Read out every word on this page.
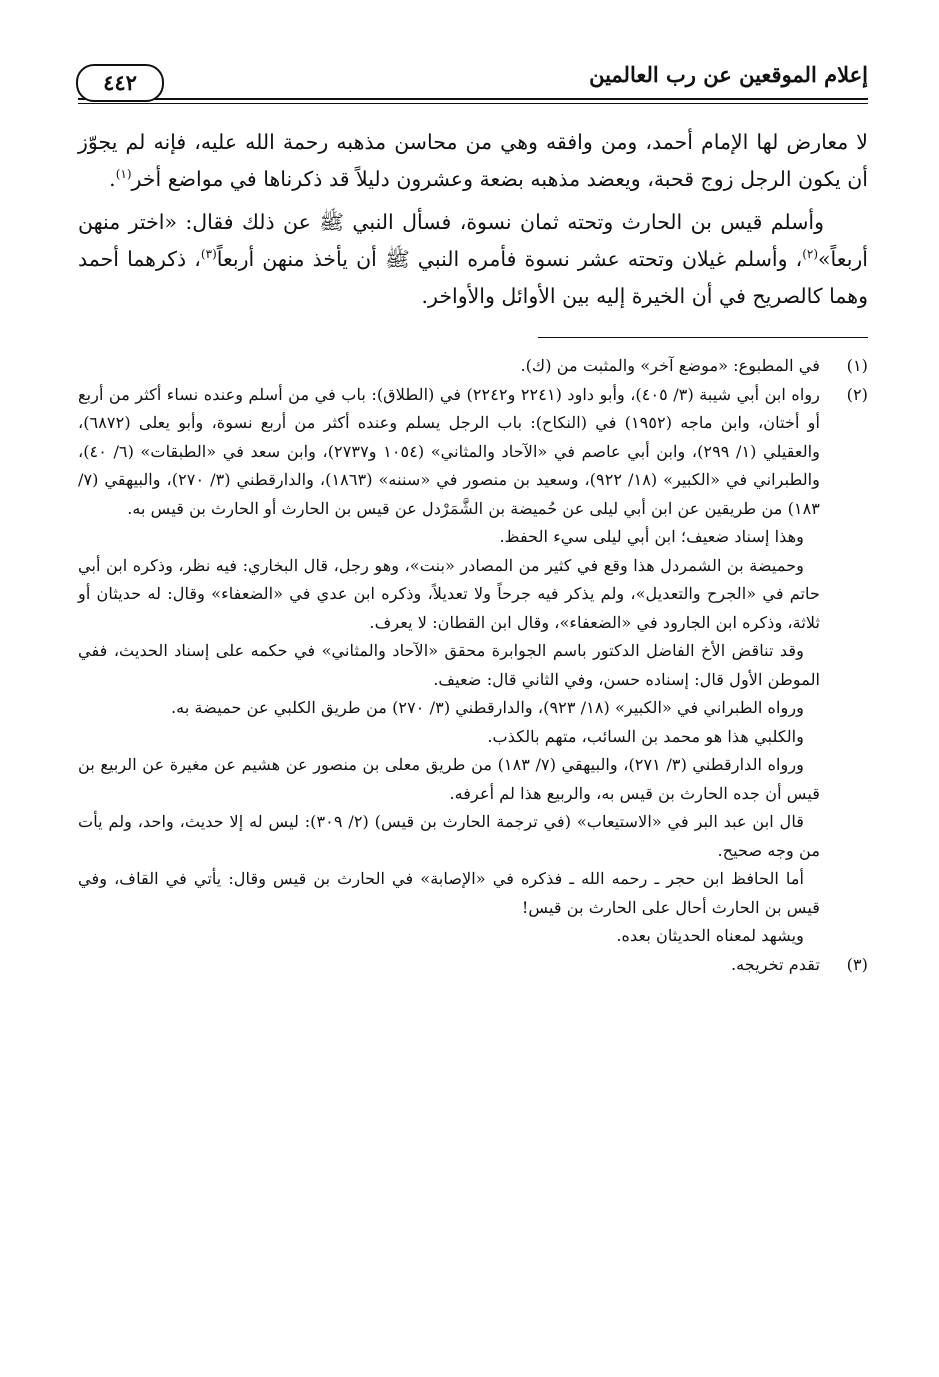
إعلام الموقعين عن رب العالمين
٤٤٢

لا معارض لها الإمام أحمد، ومن وافقه وهي من محاسن مذهبه رحمة الله عليه، فإنه لم يجوّز أن يكون الرجل زوج قحبة، ويعضد مذهبه بضعة وعشرون دليلاً قد ذكرناها في مواضع أخر$^{(١)}$.

وأسلم قيس بن الحارث وتحته ثمان نسوة، فسأل النبي ﷺ عن ذلك فقال: «اختر منهن أربعاً»$^{(٢)}$، وأسلم غيلان وتحته عشر نسوة فأمره النبي ﷺ أن يأخذ منهن أربعاً$^{(٣)}$، ذكرهما أحمد وهما كالصريح في أن الخيرة إليه بين الأوائل والأواخر.

(١)

في المطبوع: «موضع آخر» والمثبت من (ك).

(٢)

رواه ابن أبي شيبة (٣/ ٤٠٥)، وأبو داود (٢٢٤١ و٢٢٤٢) في (الطلاق): باب في من أسلم وعنده نساء أكثر من أربع أو أختان، وابن ماجه (١٩٥٢) في (النكاح): باب الرجل يسلم وعنده أكثر من أربع نسوة، وأبو يعلى (٦٨٧٢)، والعقيلي (١/ ٢٩٩)، وابن أبي عاصم في «الآحاد والمثاني» (١٠٥٤ و٢٧٣٧)، وابن سعد في «الطبقات» (٦/ ٤٠)، والطبراني في «الكبير» (١٨/ ٩٢٢)، وسعيد بن منصور في «سننه» (١٨٦٣)، والدارقطني (٣/ ٢٧٠)، والبيهقي (٧/ ١٨٣) من طريقين عن ابن أبي ليلى عن حُميضة بن الشَّمَرْدل عن قيس بن الحارث أو الحارث بن قيس به.

وهذا إسناد ضعيف؛ ابن أبي ليلى سيء الحفظ.

وحميضة بن الشمردل هذا وقع في كثير من المصادر «بنت»، وهو رجل، قال البخاري: فيه نظر، وذكره ابن أبي حاتم في «الجرح والتعديل»، ولم يذكر فيه جرحاً ولا تعديلاً، وذكره ابن عدي في «الضعفاء» وقال: له حديثان أو ثلاثة، وذكره ابن الجارود في «الضعفاء»، وقال ابن القطان: لا يعرف.

وقد تناقض الأخ الفاضل الدكتور باسم الجوابرة محقق «الآحاد والمثاني» في حكمه على إسناد الحديث، ففي الموطن الأول قال: إسناده حسن، وفي الثاني قال: ضعيف.

ورواه الطبراني في «الكبير» (١٨/ ٩٢٣)، والدارقطني (٣/ ٢٧٠) من طريق الكلبي عن حميضة به.

والكلبي هذا هو محمد بن السائب، متهم بالكذب.

ورواه الدارقطني (٣/ ٢٧١)، والبيهقي (٧/ ١٨٣) من طريق معلى بن منصور عن هشيم عن مغيرة عن الربيع بن قيس أن جده الحارث بن قيس به، والربيع هذا لم أعرفه.

قال ابن عبد البر في «الاستيعاب» (في ترجمة الحارث بن قيس) (٢/ ٣٠٩): ليس له إلا حديث، واحد، ولم يأت من وجه صحيح.

أما الحافظ ابن حجر ـ رحمه الله ـ فذكره في «الإصابة» في الحارث بن قيس وقال: يأتي في القاف، وفي قيس بن الحارث أحال على الحارث بن قيس!

ويشهد لمعناه الحديثان بعده.

(٣)

تقدم تخريجه.
